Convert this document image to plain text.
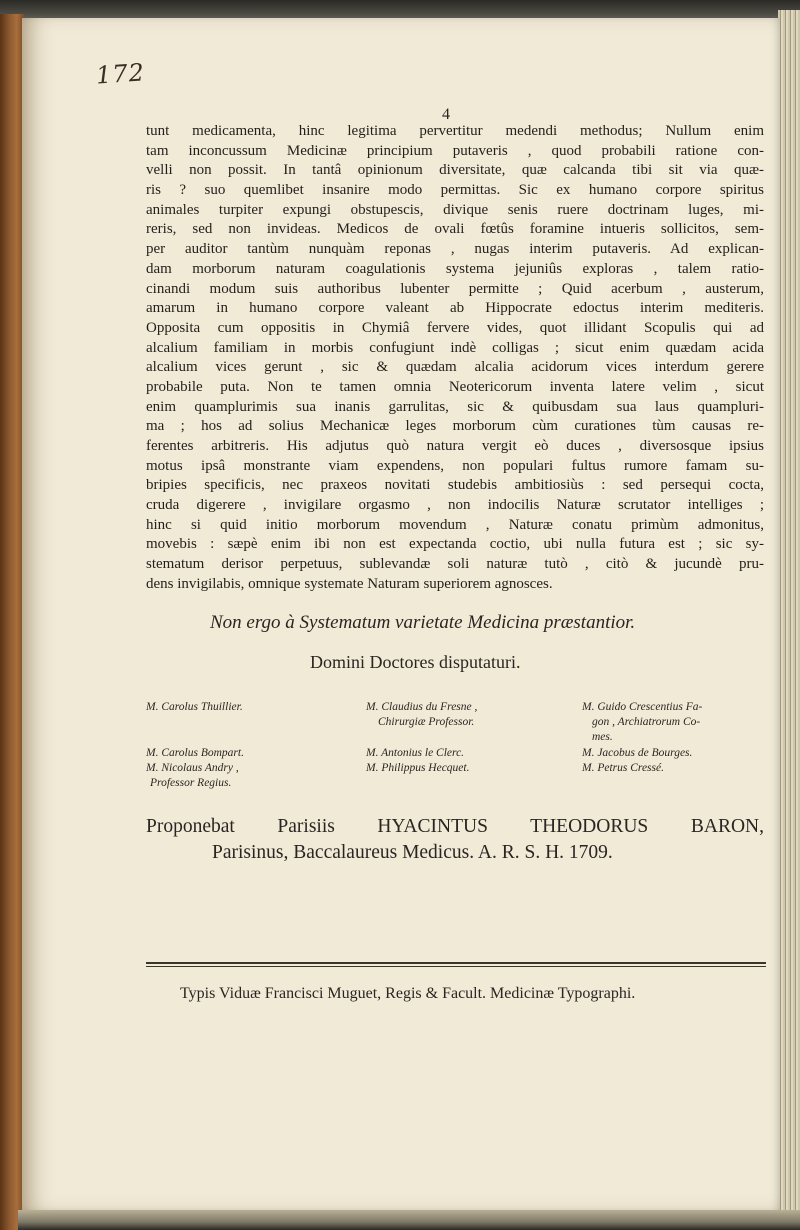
172
4
tunt medicamenta, hinc legitima pervertitur medendi methodus; Nullum enim
tam inconcussum Medicinæ principium putaveris , quod probabili ratione con-
velli non possit. In tantâ opinionum diversitate, quæ calcanda tibi sit via quæ-
ris ? suo quemlibet insanire modo permittas. Sic ex humano corpore spiritus
animales turpiter expungi obstupescis, divique senis ruere doctrinam luges, mi-
reris, sed non invideas. Medicos de ovali fœtûs foramine intueris sollicitos, sem-
per auditor tantùm nunquàm reponas , nugas interim putaveris. Ad explican-
dam morborum naturam coagulationis systema jejuniûs exploras , talem ratio-
cinandi modum suis authoribus lubenter permitte ; Quid acerbum , austerum,
amarum in humano corpore valeant ab Hippocrate edoctus interim mediteris.
Opposita cum oppositis in Chymiâ fervere vides, quot illidant Scopulis qui ad
alcalium familiam in morbis confugiunt indè colligas ; sicut enim quædam acida
alcalium vices gerunt , sic & quædam alcalia acidorum vices interdum gerere
probabile puta. Non te tamen omnia Neotericorum inventa latere velim , sicut
enim quamplurimis sua inanis garrulitas, sic & quibusdam sua laus quampluri-
ma ; hos ad solius Mechanicæ leges morborum cùm curationes tùm causas re-
ferentes arbitreris. His adjutus quò natura vergit eò duces , diversosque ipsius
motus ipsâ monstrante viam expendens, non populari fultus rumore famam su-
bripies specificis, nec praxeos novitati studebis ambitiosiùs : sed persequi cocta,
cruda digerere , invigilare orgasmo , non indocilis Naturæ scrutator intelliges ;
hinc si quid initio morborum movendum , Naturæ conatu primùm admonitus,
movebis : sæpè enim ibi non est expectanda coctio, ubi nulla futura est ; sic sy-
stematum derisor perpetuus, sublevandæ soli naturæ tutò , citò & jucundè pru-
dens invigilabis, omnique systemate Naturam superiorem agnosces.
Non ergo à Systematum varietate Medicina præstantior.
Domini Doctores disputaturi.
M. Carolus Thuillier.
M. Carolus Bompart.
M. Nicolaus Andry ,
Professor Regius.
M. Claudius du Fresne ,
Chirurgiæ Professor.
M. Antonius le Clerc.
M. Philippus Hecquet.
M. Guido Crescentius Fa-
gon , Archiatrorum Co-
mes.
M. Jacobus de Bourges.
M. Petrus Cressé.
Proponebat Parisiis HYACINTUS THEODORUS BARON,
Parisinus, Baccalaureus Medicus. A. R. S. H. 1709.
Typis Viduæ Francisci Muguet, Regis & Facult. Medicinæ Typographi.
